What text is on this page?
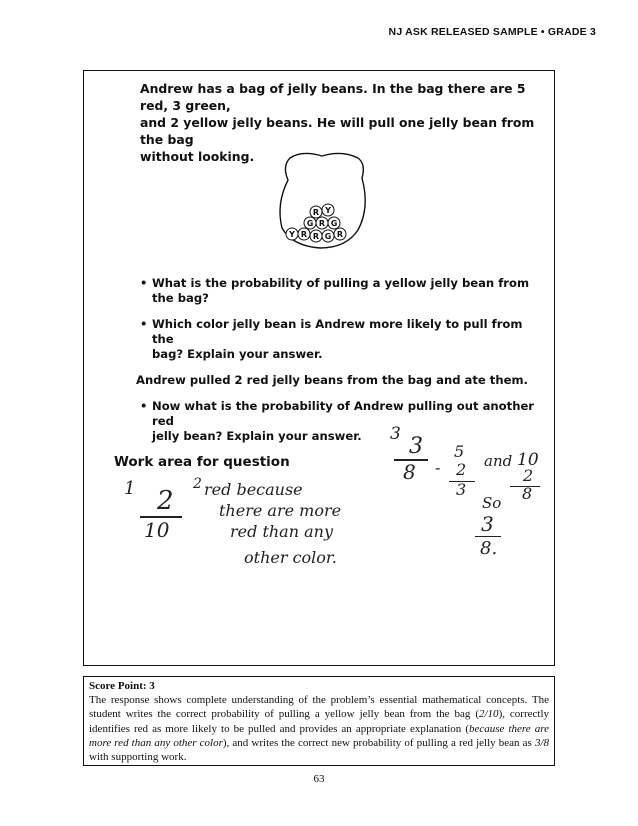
NJ ASK RELEASED SAMPLE • GRADE 3
Andrew has a bag of jelly beans. In the bag there are 5 red, 3 green,
and 2 yellow jelly beans. He will pull one jelly bean from the bag
without looking.
R Y
G R G
Y R R G R
• What is the probability of pulling a yellow jelly bean from
the bag?
• Which color jelly bean is Andrew more likely to pull from the
bag? Explain your answer.
Andrew pulled 2 red jelly beans from the bag and ate them.
• Now what is the probability of Andrew pulling out another red
jelly bean? Explain your answer.
Work area for question
1 2
10
2 red because
there are more
red than any
other color.
3 3
8 -
5
2
3
and 10
2
8
So
3
8.
Score Point: 3
The response shows complete understanding of the problem’s essential mathematical concepts. The student writes the correct probability of pulling a yellow jelly bean from the bag (2/10), correctly identifies red as more likely to be pulled and provides an appropriate explanation (because there are more red than any other color), and writes the correct new probability of pulling a red jelly bean as 3/8 with supporting work.
63
